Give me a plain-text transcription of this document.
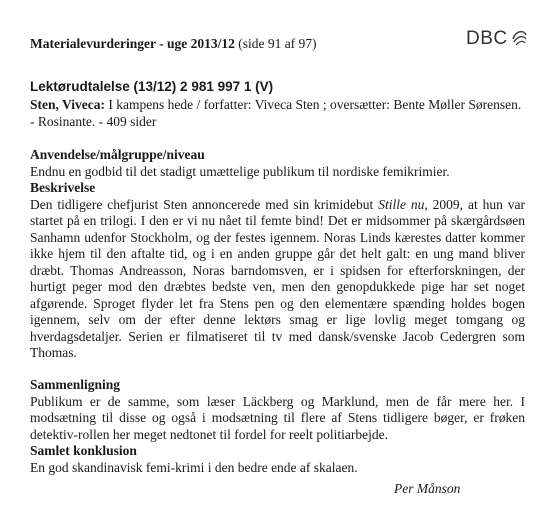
Materialevurderinger - uge 2013/12 (side 91 af 97)	DBC
Lektørudtalelse (13/12) 2 981 997 1 (V)
Sten, Viveca: I kampens hede / forfatter: Viveca Sten ; oversætter: Bente Møller Sørensen. - Rosinante. - 409 sider
Anvendelse/målgruppe/niveau
Endnu en godbid til det stadigt umættelige publikum til nordiske femikrimier.
Beskrivelse
Den tidligere chefjurist Sten annoncerede med sin krimidebut Stille nu, 2009, at hun var startet på en trilogi. I den er vi nu nået til femte bind! Det er midsommer på skærgårdsøen Sanhamn udenfor Stockholm, og der festes igennem. Noras Linds kærestes datter kommer ikke hjem til den aftalte tid, og i en anden gruppe går det helt galt: en ung mand bliver dræbt. Thomas Andreasson, Noras barndomsven, er i spidsen for efterforskningen, der hurtigt peger mod den dræbtes bedste ven, men den genopdukkede pige har set noget afgørende. Sproget flyder let fra Stens pen og den elementære spænding holdes bogen igennem, selv om der efter denne lektørs smag er lige lovlig meget tomgang og hverdagsdetaljer. Serien er filmatiseret til tv med dansk/svenske Jacob Cedergren som Thomas.
Sammenligning
Publikum er de samme, som læser Läckberg og Marklund, men de får mere her. I modsætning til disse og også i modsætning til flere af Stens tidligere bøger, er frøken detektiv-rollen her meget nedtonet til fordel for reelt politiarbejde.
Samlet konklusion
En god skandinavisk femi-krimi i den bedre ende af skalaen.
Per Månson
